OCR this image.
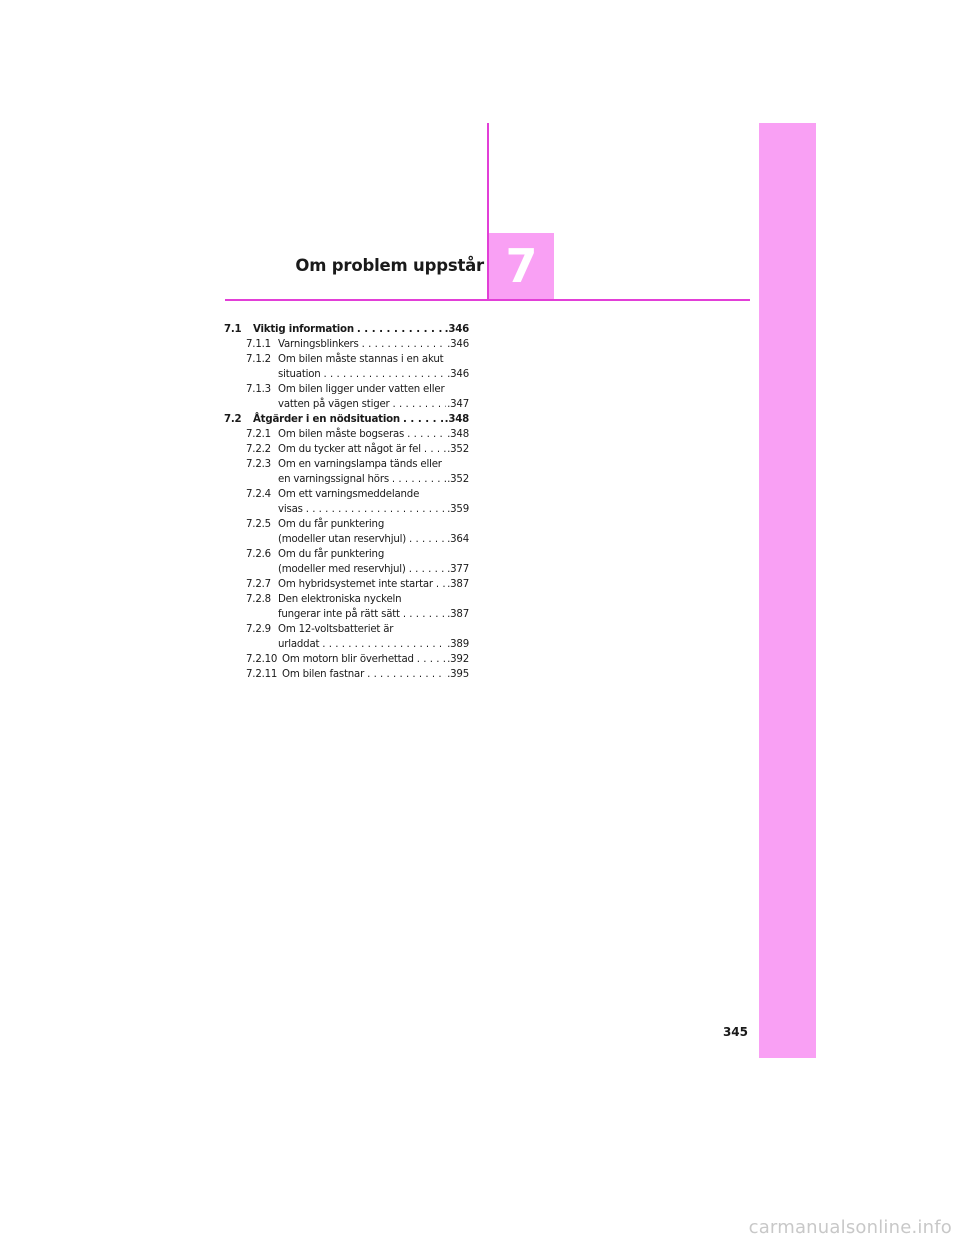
7
Om problem uppstår
7.1	Viktig information . . .	.346
7.1.1 Varningsblinkers . . .	.346
7.1.2 Om bilen måste stannas i en akut
situation . . .	.346
7.1.3 Om bilen ligger under vatten eller
vatten på vägen stiger . . .	.347
7.2	Åtgärder i en nödsituation . . .	.348
7.2.1 Om bilen måste bogseras . . .	.348
7.2.2 Om du tycker att något är fel . . .	.352
7.2.3 Om en varningslampa tänds eller
en varningssignal hörs . . .	.352
7.2.4 Om ett varningsmeddelande
visas . . .	.359
7.2.5 Om du får punktering
(modeller utan reservhjul) . . .	.364
7.2.6 Om du får punktering
(modeller med reservhjul) . . .	.377
7.2.7 Om hybridsystemet inte startar . . . .387
7.2.8 Den elektroniska nyckeln
fungerar inte på rätt sätt . . .	.387
7.2.9 Om 12-voltsbatteriet är
urladdat . . .	.389
7.2.10 Om motorn blir överhettad . . .	.392
7.2.11 Om bilen fastnar . . .	.395
345
carmanualsonline.info
